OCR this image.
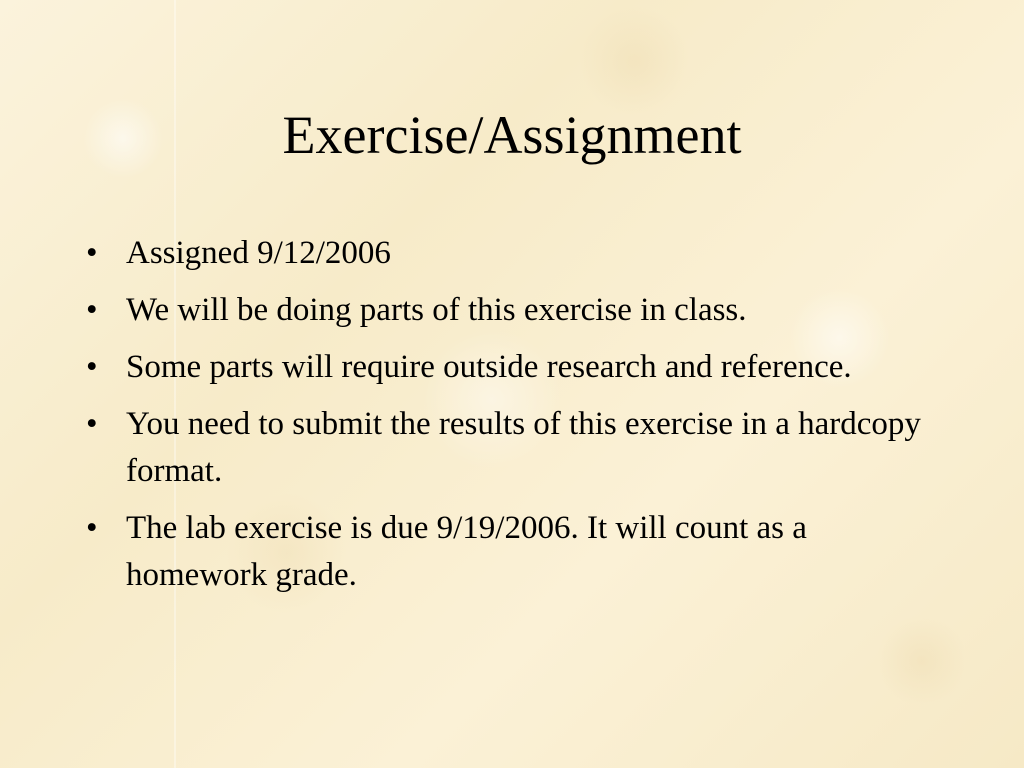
Exercise/Assignment
• Assigned 9/12/2006
• We will be doing parts of this exercise in class.
• Some parts will require outside research and reference.
• You need to submit the results of this exercise in a hardcopy format.
• The lab exercise is due 9/19/2006. It will count as a homework grade.
